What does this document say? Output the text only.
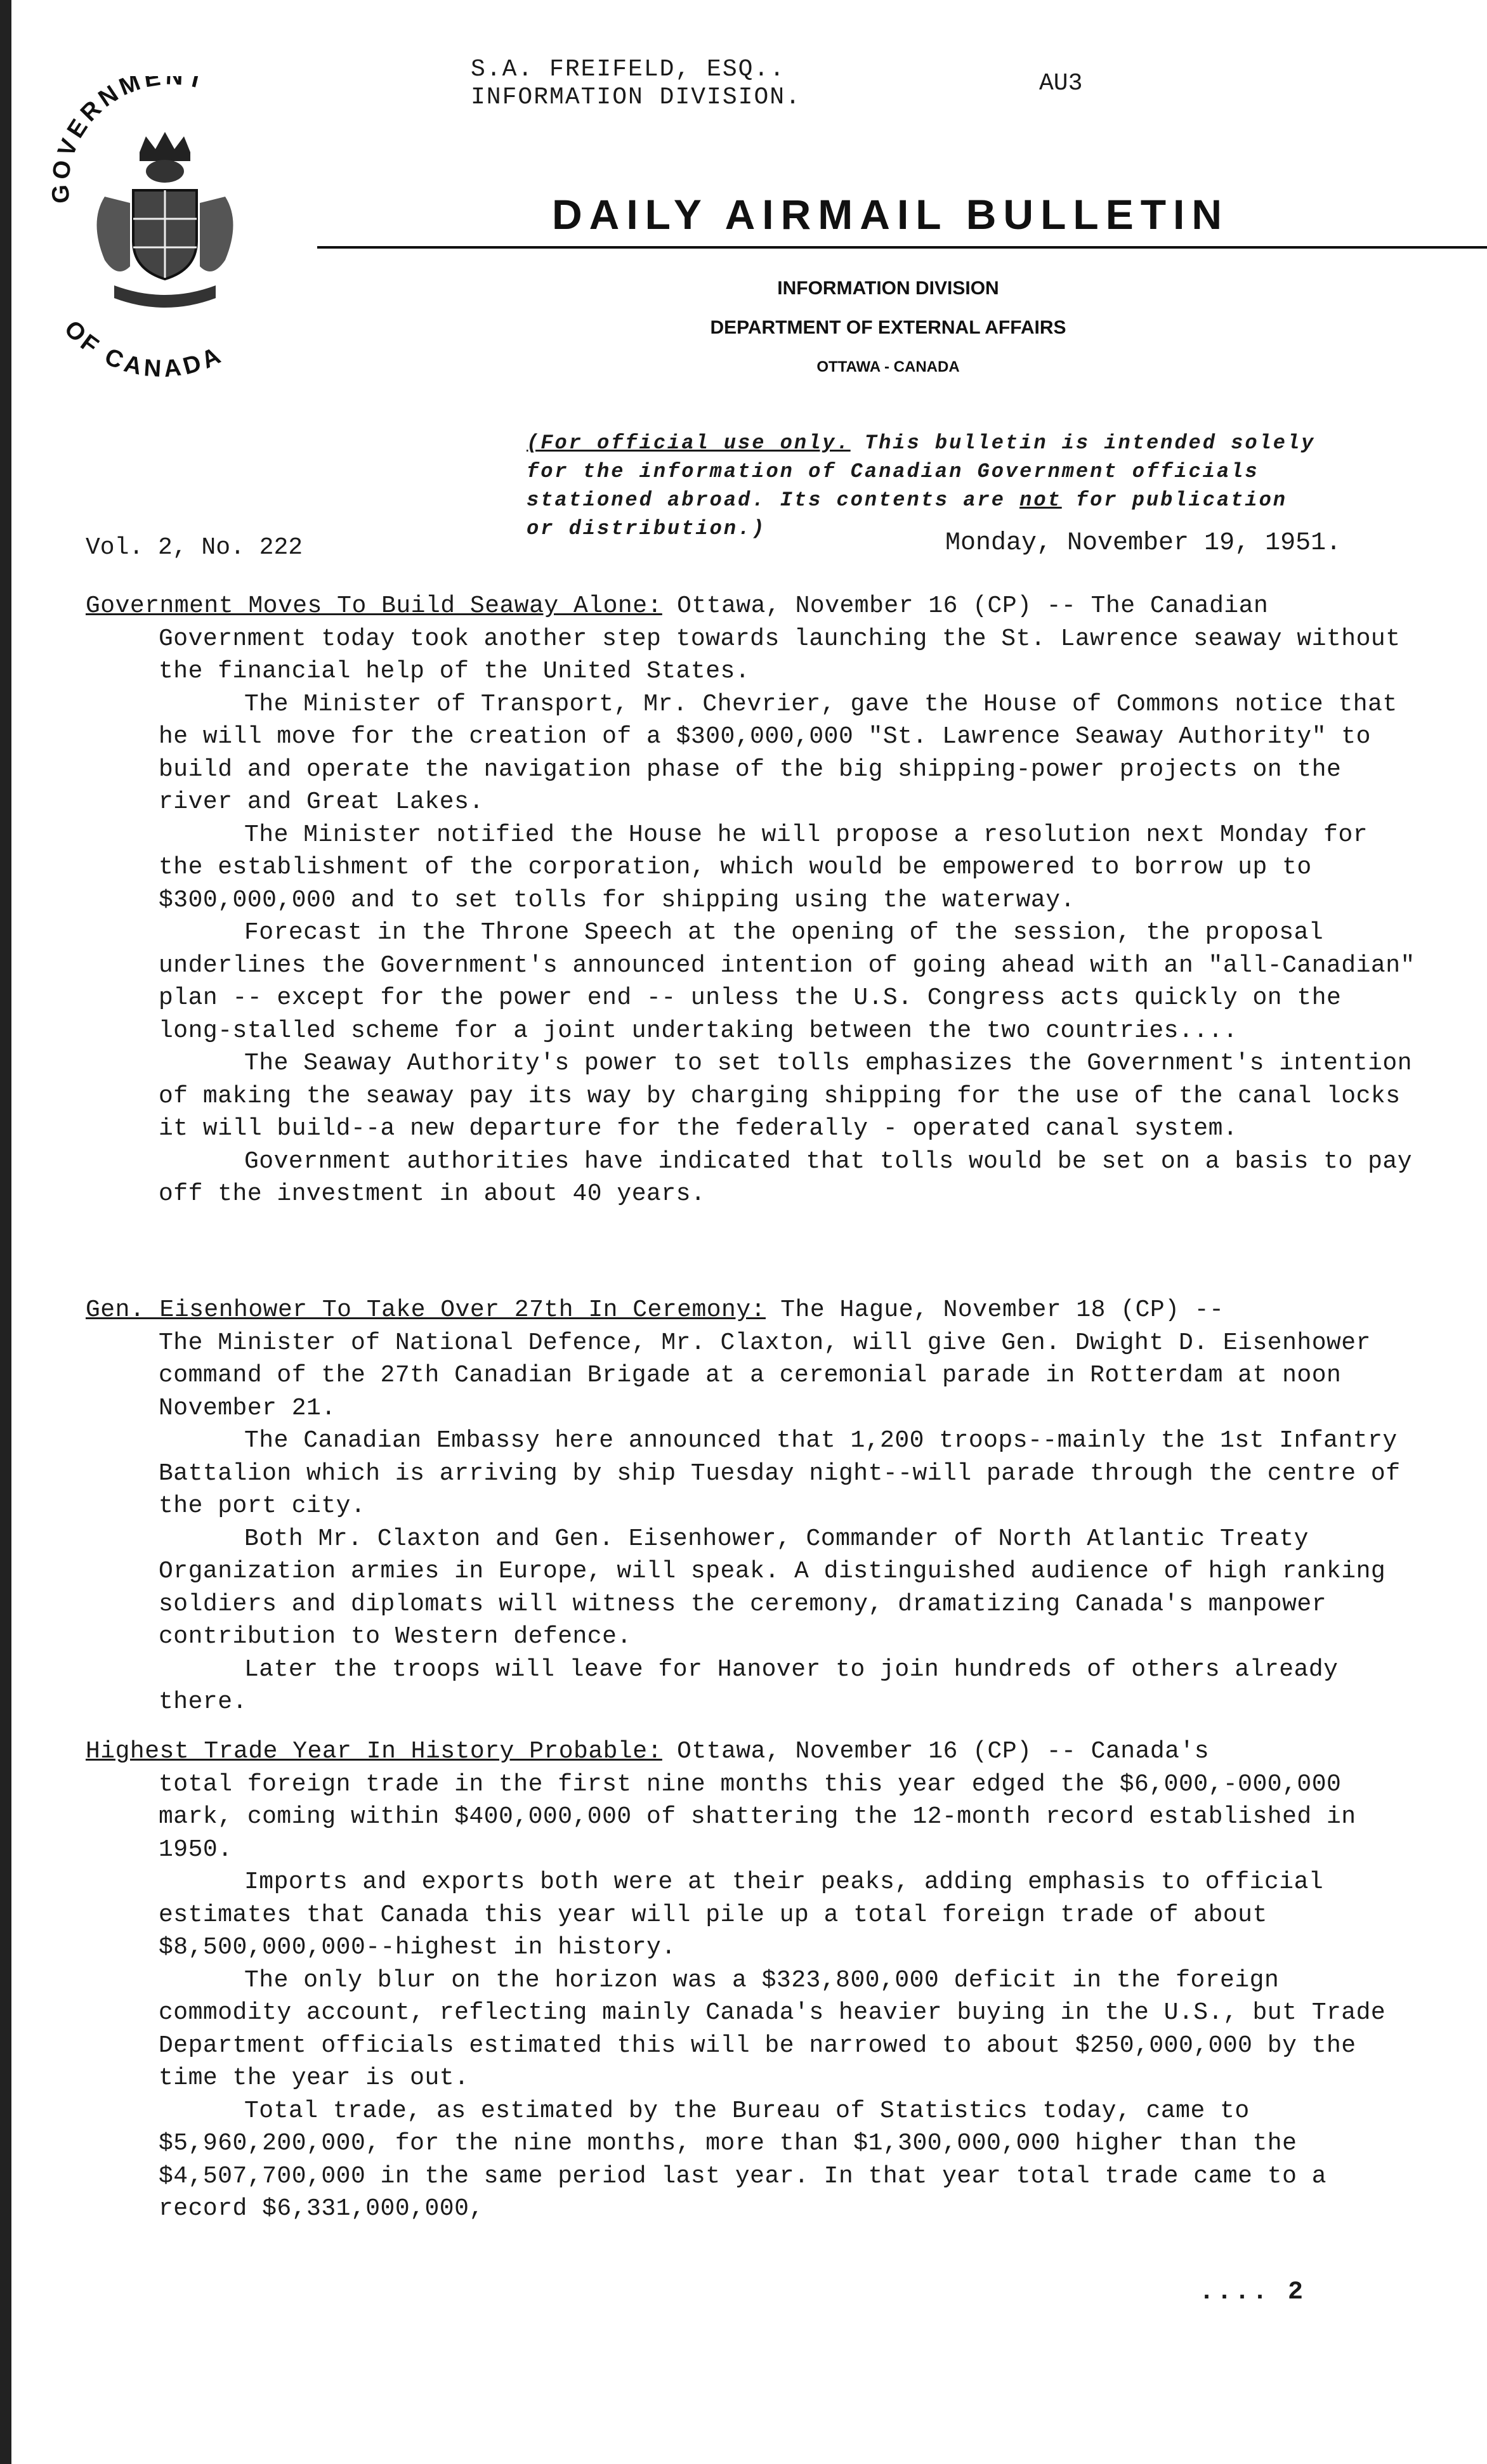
S.A. FREIFELD, ESQ..
INFORMATION DIVISION.
AU3
GOVERNMENT
OF CANADA
DAILY AIRMAIL BULLETIN
INFORMATION DIVISION
DEPARTMENT OF EXTERNAL AFFAIRS
OTTAWA - CANADA

(For official use only. This bulletin is intended solely

for the information of Canadian Government officials

stationed abroad. Its contents are not for publication

or distribution.)

Vol. 2, No. 222	Monday, November 19, 1951.

Government Moves To Build Seaway Alone: Ottawa, November 16 (CP) -- The Canadian

Government today took another step towards launching the St. Lawrence seaway without the financial help of the United States.

The Minister of Transport, Mr. Chevrier, gave the House of Commons notice that he will move for the creation of a $300,000,000 "St. Lawrence Seaway Authority" to build and operate the navigation phase of the big shipping-power projects on the river and Great Lakes.

The Minister notified the House he will propose a resolution next Monday for the establishment of the corporation, which would be empowered to borrow up to $300,000,000 and to set tolls for shipping using the waterway.

Forecast in the Throne Speech at the opening of the session, the proposal underlines the Government's announced intention of going ahead with an "all-Canadian" plan -- except for the power end -- unless the U.S. Congress acts quickly on the long-stalled scheme for a joint undertaking between the two countries....

The Seaway Authority's power to set tolls emphasizes the Government's intention of making the seaway pay its way by charging shipping for the use of the canal locks it will build--a new departure for the federally - operated canal system.

Government authorities have indicated that tolls would be set on a basis to pay off the investment in about 40 years.

Gen. Eisenhower To Take Over 27th In Ceremony: The Hague, November 18 (CP) --

The Minister of National Defence, Mr. Claxton, will give Gen. Dwight D. Eisenhower command of the 27th Canadian Brigade at a ceremonial parade in Rotterdam at noon November 21.

The Canadian Embassy here announced that 1,200 troops--mainly the 1st Infantry Battalion which is arriving by ship Tuesday night--will parade through the centre of the port city.

Both Mr. Claxton and Gen. Eisenhower, Commander of North Atlantic Treaty Organization armies in Europe, will speak. A distinguished audience of high ranking soldiers and diplomats will witness the ceremony, dramatizing Canada's manpower contribution to Western defence.

Later the troops will leave for Hanover to join hundreds of others already there.

Highest Trade Year In History Probable: Ottawa, November 16 (CP) -- Canada's

total foreign trade in the first nine months this year edged the $6,000,-000,000 mark, coming within $400,000,000 of shattering the 12-month record established in 1950.

Imports and exports both were at their peaks, adding emphasis to official estimates that Canada this year will pile up a total foreign trade of about $8,500,000,000--highest in history.

The only blur on the horizon was a $323,800,000 deficit in the foreign commodity account, reflecting mainly Canada's heavier buying in the U.S., but Trade Department officials estimated this will be narrowed to about $250,000,000 by the time the year is out.

Total trade, as estimated by the Bureau of Statistics today, came to $5,960,200,000, for the nine months, more than $1,300,000,000 higher than the $4,507,700,000 in the same period last year. In that year total trade came to a record $6,331,000,000,

.... 2
